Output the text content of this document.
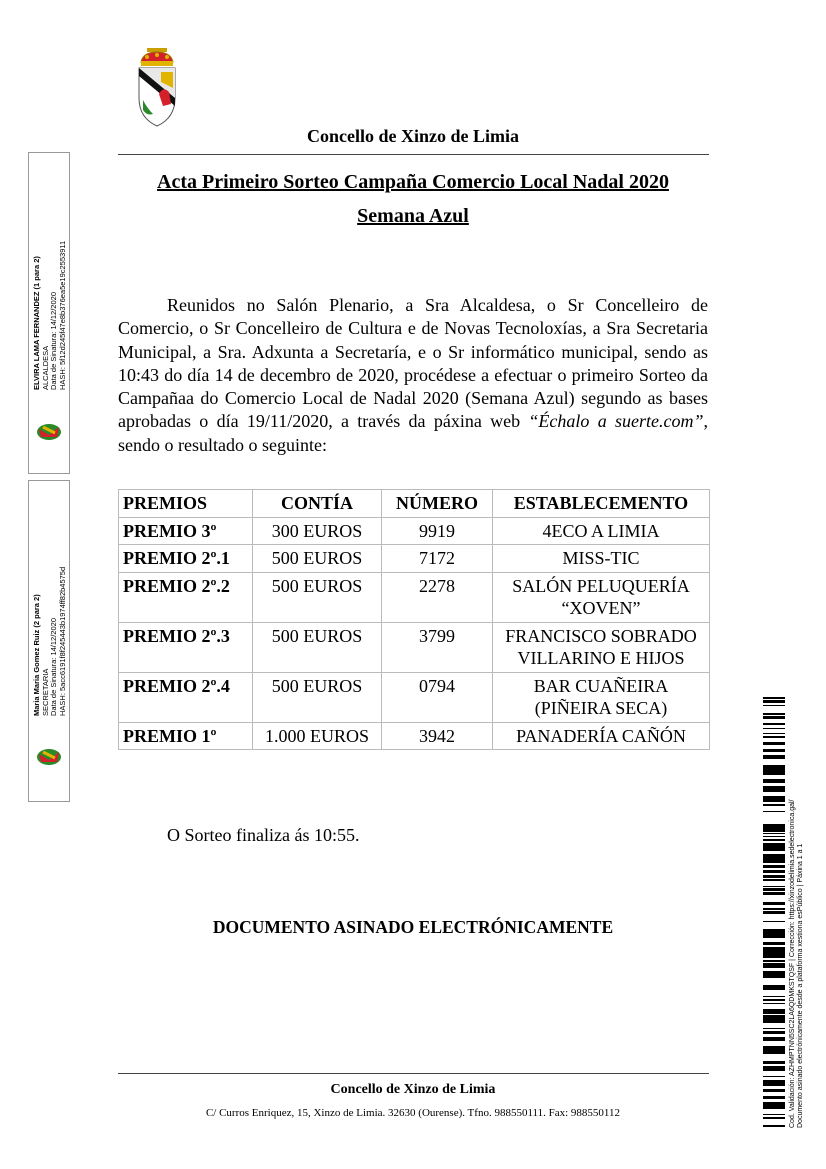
Concello de Xinzo de Limia
Acta Primeiro Sorteo Campaña Comercio Local Nadal 2020
Semana Azul
Reunidos no Salón Plenario, a Sra Alcaldesa, o Sr Concelleiro de Comercio, o Sr Concelleiro de Cultura e de Novas Tecnoloxías, a Sra Secretaria Municipal, a Sra. Adxunta a Secretaría, e o Sr informático municipal, sendo as 10:43 do día 14 de decembro de 2020, procédese a efectuar o primeiro Sorteo da Campañaa do Comercio Local de Nadal 2020 (Semana Azul) segundo as bases aprobadas o día 19/11/2020, a través da páxina web “Échalo a suerte.com”, sendo o resultado o seguinte:
PREMIOS	CONTÍA	NÚMERO	ESTABLECEMENTO
PREMIO 3º	300 EUROS	9919	4ECO A LIMIA

PREMIO 2º.1	500 EUROS	7172	MISS-TIC

PREMIO 2º.2	500 EUROS	2278	SALÓN PELUQUERÍA
“XOVEN”

PREMIO 2º.3	500 EUROS	3799	FRANCISCO SOBRADO
VILLARINO E HIJOS

PREMIO 2º.4	500 EUROS	0794	BAR CUAÑEIRA
(PIÑEIRA SECA)

PREMIO 1º	1.000 EUROS	3942	PANADERÍA CAÑÓN
O Sorteo finaliza ás 10:55.
DOCUMENTO ASINADO ELECTRÓNICAMENTE
Concello de Xinzo de Limia
C/ Curros Enriquez, 15, Xinzo de Limia. 32630 (Ourense). Tfno. 988550111. Fax: 988550112
ELVIRA LAMA FERNANDEZ (1 para 2) ALCALDESA Data de Sinatura: 14/12/2020 HASH: 5f12d245f47e8b376ea5e19c2553911
Maria Maria Gomez Ruiz (2 para 2) SECRETARIA Data de Sinatura: 14/12/2020 HASH: 5acc6191f8f245443b1974ff82b4575d
Cod. Validación: AZHMPTNN5SC2LA6QDMKSTQSF | Corrección: https://xinzodelimia.sedelectronica.gal/ Documento asinado electrónicamente desde a plataforma xestiona esPúblico | Páxina 1 a 1
